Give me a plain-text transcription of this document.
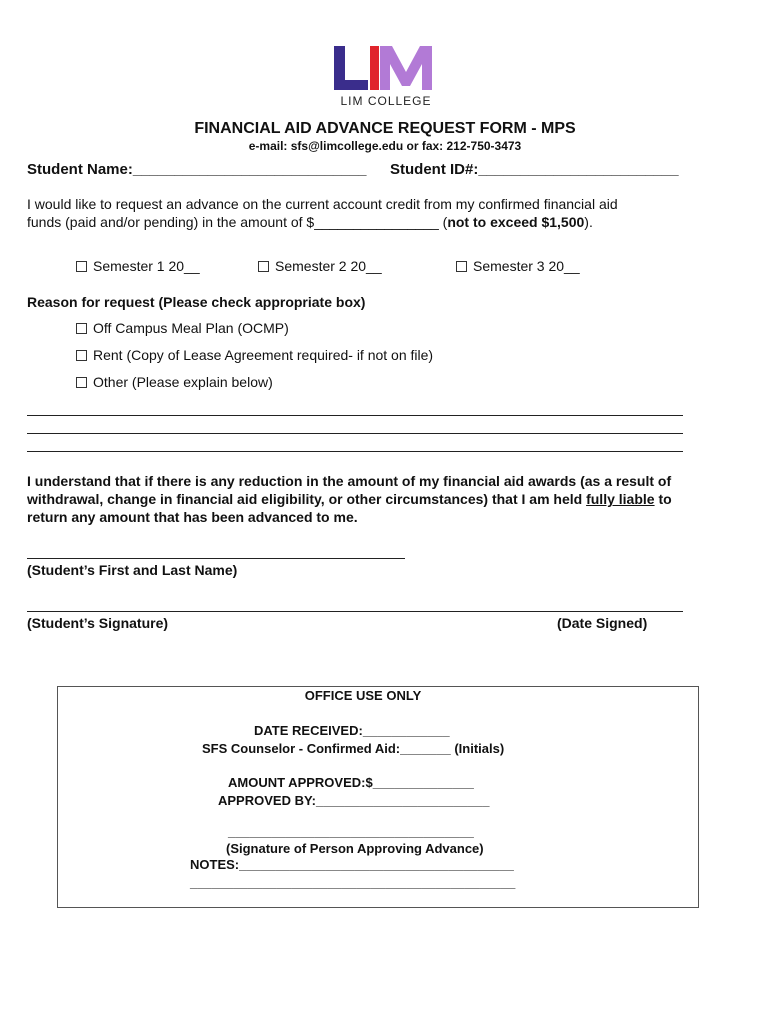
LIM COLLEGE
FINANCIAL AID ADVANCE REQUEST FORM - MPS
e-mail: sfs@limcollege.edu or fax: 212-750-3473
Student Name:____________________________ Student ID#:________________________
I would like to request an advance on the current account credit from my confirmed financial aid
funds (paid and/or pending) in the amount of $________________ (not to exceed $1,500).
Semester 1 20__	Semester 2 20__	Semester 3 20__
Reason for request (Please check appropriate box)
Off Campus Meal Plan (OCMP)
Rent (Copy of Lease Agreement required- if not on file)
Other (Please explain below)
I understand that if there is any reduction in the amount of my financial aid awards (as a result of
withdrawal, change in financial aid eligibility, or other circumstances) that I am held fully liable to
return any amount that has been advanced to me.
(Student’s First and Last Name)
(Student’s Signature)	(Date Signed)
OFFICE USE ONLY
DATE RECEIVED:____________
SFS Counselor - Confirmed Aid:_______ (Initials)
AMOUNT APPROVED:$______________
APPROVED BY:________________________
__________________________________
(Signature of Person Approving Advance)
NOTES:______________________________________
_____________________________________________
